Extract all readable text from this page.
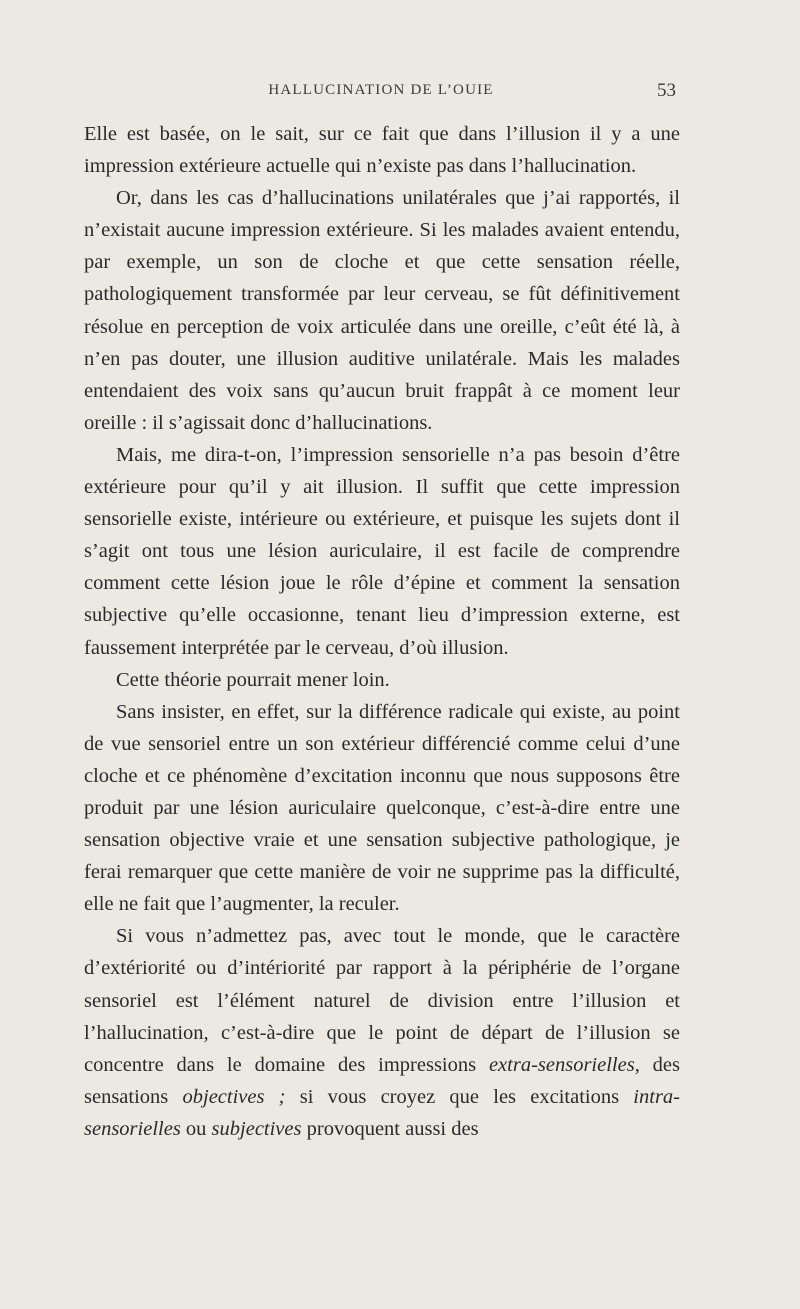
HALLUCINATION DE L’OUIE	53

Elle est basée, on le sait, sur ce fait que dans l’illusion il y a une impression extérieure actuelle qui n’existe pas dans l’hallucination.

Or, dans les cas d’hallucinations unilatérales que j’ai rapportés, il n’existait aucune impression extérieure. Si les malades avaient entendu, par exemple, un son de cloche et que cette sensation réelle, pathologiquement transformée par leur cerveau, se fût définitivement résolue en perception de voix articulée dans une oreille, c’eût été là, à n’en pas douter, une illusion auditive unilatérale. Mais les malades entendaient des voix sans qu’aucun bruit frappât à ce moment leur oreille : il s’agissait donc d’hallucinations.

Mais, me dira-t-on, l’impression sensorielle n’a pas besoin d’être extérieure pour qu’il y ait illusion. Il suffit que cette impression sensorielle existe, intérieure ou extérieure, et puisque les sujets dont il s’agit ont tous une lésion auriculaire, il est facile de comprendre comment cette lésion joue le rôle d’épine et comment la sensation subjective qu’elle occasionne, tenant lieu d’impression externe, est faussement interprétée par le cerveau, d’où illusion.

Cette théorie pourrait mener loin.

Sans insister, en effet, sur la différence radicale qui existe, au point de vue sensoriel entre un son extérieur différencié comme celui d’une cloche et ce phénomène d’excitation inconnu que nous supposons être produit par une lésion auriculaire quelconque, c’est-à-dire entre une sensation objective vraie et une sensation subjective pathologique, je ferai remarquer que cette manière de voir ne supprime pas la difficulté, elle ne fait que l’augmenter, la reculer.

Si vous n’admettez pas, avec tout le monde, que le caractère d’extériorité ou d’intériorité par rapport à la périphérie de l’organe sensoriel est l’élément naturel de division entre l’illusion et l’hallucination, c’est-à-dire que le point de départ de l’illusion se concentre dans le domaine des impressions extra-sensorielles, des sensations objectives ; si vous croyez que les excitations intra-sensorielles ou subjectives provoquent aussi des
